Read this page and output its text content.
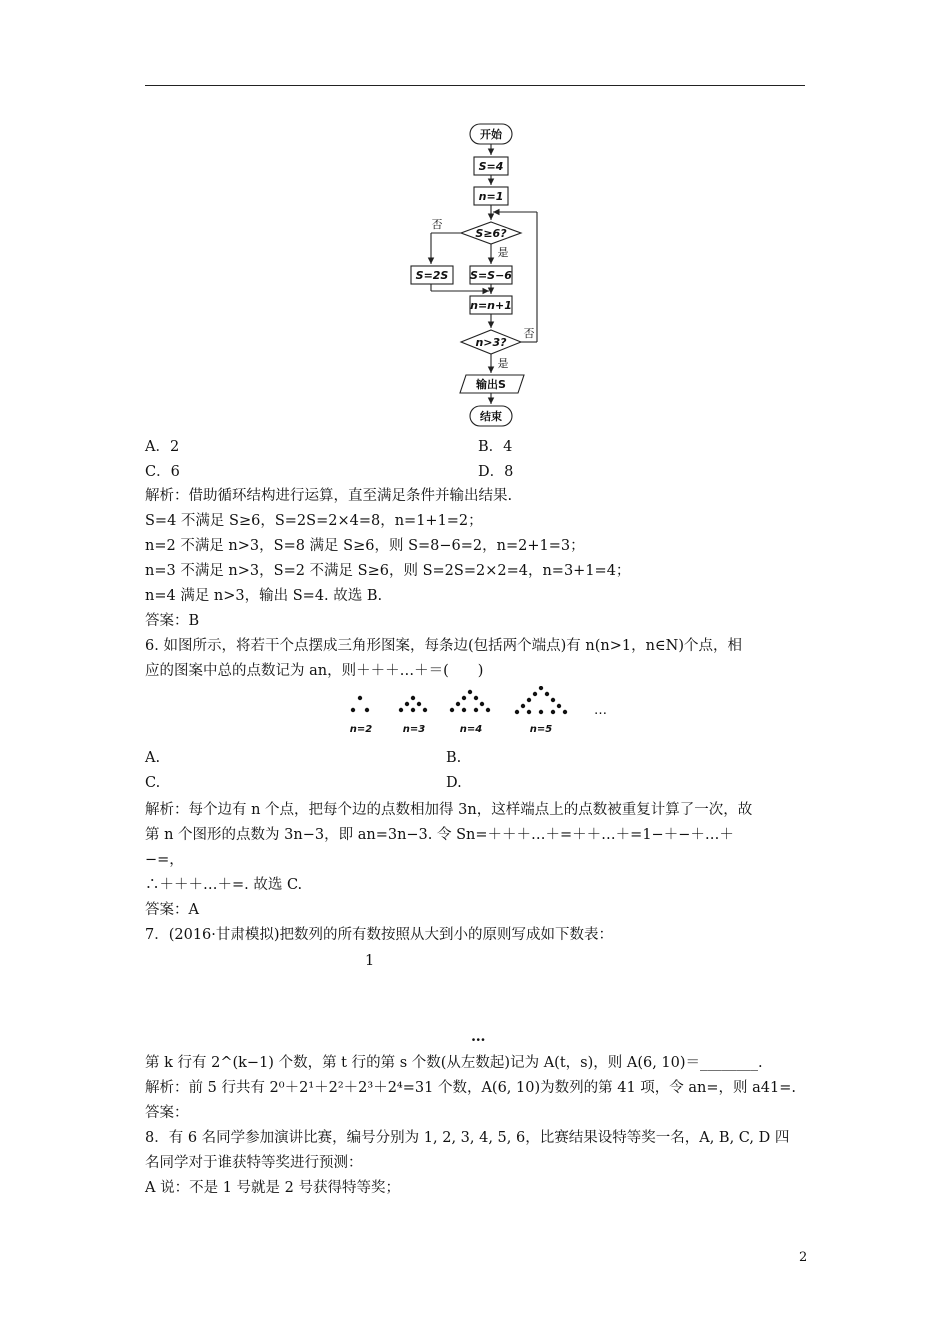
开始
S=4
n=1
S≥6?
否
是
S=2S S=S−6
n=n+1
n>3?
否
是
输出S
结束
A．2	B．4
C．6	D．8
解析：借助循环结构进行运算，直至满足条件并输出结果.
S=4 不满足 S≥6，S=2S=2×4=8，n=1+1=2；
n=2 不满足 n>3，S=8 满足 S≥6，则 S=8−6=2，n=2+1=3；
n=3 不满足 n>3，S=2 不满足 S≥6，则 S=2S=2×2=4，n=3+1=4；
n=4 满足 n>3，输出 S=4. 故选 B.
答案：B
6. 如图所示，将若干个点摆成三角形图案，每条边(包括两个端点)有 n(n>1，n∈N)个点，相
应的图案中总的点数记为 an，则＋＋＋…＋＝(　　)
n=2	n=3	n=4	n=5
…
A.	B.
C.	D.
解析：每个边有 n 个点，把每个边的点数相加得 3n，这样端点上的点数被重复计算了一次，故
第 n 个图形的点数为 3n−3，即 an=3n−3. 令 Sn=＋＋＋…＋=＋＋…＋=1−＋−＋…＋
−=，
∴＋＋＋…＋=. 故选 C.
答案：A
7．(2016·甘肃模拟)把数列的所有数按照从大到小的原则写成如下数表：
1
…
第 k 行有 2^(k−1) 个数，第 t 行的第 s 个数(从左数起)记为 A(t，s)，则 A(6, 10)＝________.
解析：前 5 行共有 2⁰＋2¹＋2²＋2³＋2⁴=31 个数，A(6, 10)为数列的第 41 项，令 an=，则 a41=.
答案：
8．有 6 名同学参加演讲比赛，编号分别为 1, 2, 3, 4, 5, 6，比赛结果设特等奖一名，A, B, C, D 四
名同学对于谁获特等奖进行预测：
A 说：不是 1 号就是 2 号获得特等奖；
2
